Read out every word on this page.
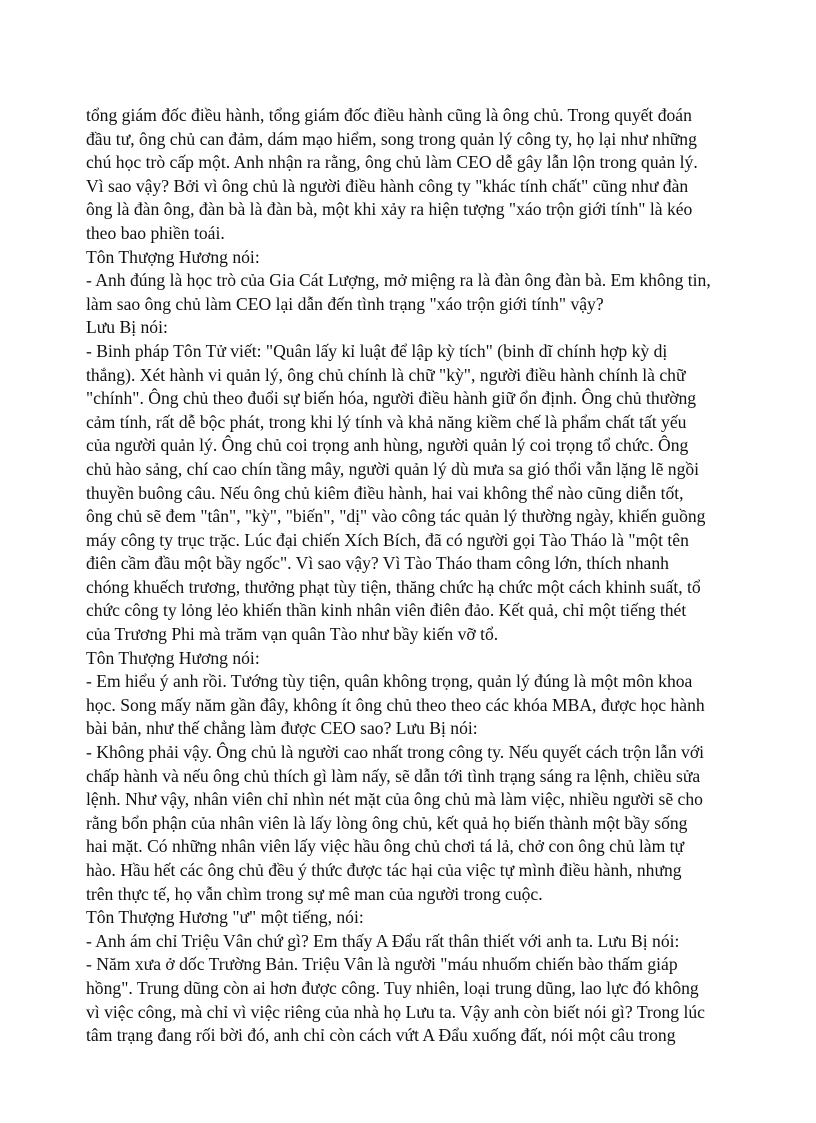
tổng giám đốc điều hành, tổng giám đốc điều hành cũng là ông chủ. Trong quyết đoán
đầu tư, ông chủ can đảm, dám mạo hiểm, song trong quản lý công ty, họ lại như những
chú học trò cấp một. Anh nhận ra rằng, ông chủ làm CEO dễ gây lẫn lộn trong quản lý.
Vì sao vậy? Bởi vì ông chủ là người điều hành công ty "khác tính chất" cũng như đàn
ông là đàn ông, đàn bà là đàn bà, một khi xảy ra hiện tượng "xáo trộn giới tính" là kéo
theo bao phiền toái.
Tôn Thượng Hương nói:
- Anh đúng là học trò của Gia Cát Lượng, mở miệng ra là đàn ông đàn bà. Em không tin,
làm sao ông chủ làm CEO lại dẫn đến tình trạng "xáo trộn giới tính" vậy?
Lưu Bị nói:
- Binh pháp Tôn Tử viết: "Quân lấy kỉ luật để lập kỳ tích" (binh dĩ chính hợp kỳ dị
thắng). Xét hành vi quản lý, ông chủ chính là chữ "kỳ", người điều hành chính là chữ
"chính". Ông chủ theo đuổi sự biến hóa, người điều hành giữ ổn định. Ông chủ thường
cảm tính, rất dễ bộc phát, trong khi lý tính và khả năng kiềm chế là phẩm chất tất yếu
của người quản lý. Ông chủ coi trọng anh hùng, người quản lý coi trọng tổ chức. Ông
chủ hào sảng, chí cao chín tầng mây, người quản lý dù mưa sa gió thổi vẫn lặng lẽ ngồi
thuyền buông câu. Nếu ông chủ kiêm điều hành, hai vai không thể nào cũng diễn tốt,
ông chủ sẽ đem "tân", "kỳ", "biến", "dị" vào công tác quản lý thường ngày, khiến guồng
máy công ty trục trặc. Lúc đại chiến Xích Bích, đã có người gọi Tào Tháo là "một tên
điên cầm đầu một bầy ngốc". Vì sao vậy? Vì Tào Tháo tham công lớn, thích nhanh
chóng khuếch trương, thưởng phạt tùy tiện, thăng chức hạ chức một cách khinh suất, tổ
chức công ty lỏng lẻo khiến thần kinh nhân viên điên đảo. Kết quả, chỉ một tiếng thét
của Trương Phi mà trăm vạn quân Tào như bầy kiến vỡ tổ.
Tôn Thượng Hương nói:
- Em hiểu ý anh rồi. Tướng tùy tiện, quân không trọng, quản lý đúng là một môn khoa
học. Song mấy năm gần đây, không ít ông chủ theo theo các khóa MBA, được học hành
bài bản, như thế chẳng làm được CEO sao? Lưu Bị nói:
- Không phải vậy. Ông chủ là người cao nhất trong công ty. Nếu quyết cách trộn lẫn với
chấp hành và nếu ông chủ thích gì làm nấy, sẽ dẫn tới tình trạng sáng ra lệnh, chiều sửa
lệnh. Như vậy, nhân viên chỉ nhìn nét mặt của ông chủ mà làm việc, nhiều người sẽ cho
rằng bổn phận của nhân viên là lấy lòng ông chủ, kết quả họ biến thành một bầy sống
hai mặt. Có những nhân viên lấy việc hầu ông chủ chơi tá lả, chở con ông chủ làm tự
hào. Hầu hết các ông chủ đều ý thức được tác hại của việc tự mình điều hành, nhưng
trên thực tế, họ vẫn chìm trong sự mê man của người trong cuộc.
Tôn Thượng Hương "ư" một tiếng, nói:
- Anh ám chỉ Triệu Vân chứ gì? Em thấy A Đẩu rất thân thiết với anh ta. Lưu Bị nói:
- Năm xưa ở dốc Trường Bản. Triệu Vân là người "máu nhuốm chiến bào thấm giáp
hồng". Trung dũng còn ai hơn được công. Tuy nhiên, loại trung dũng, lao lực đó không
vì việc công, mà chỉ vì việc riêng của nhà họ Lưu ta. Vậy anh còn biết nói gì? Trong lúc
tâm trạng đang rối bời đó, anh chỉ còn cách vứt A Đẩu xuống đất, nói một câu trong
